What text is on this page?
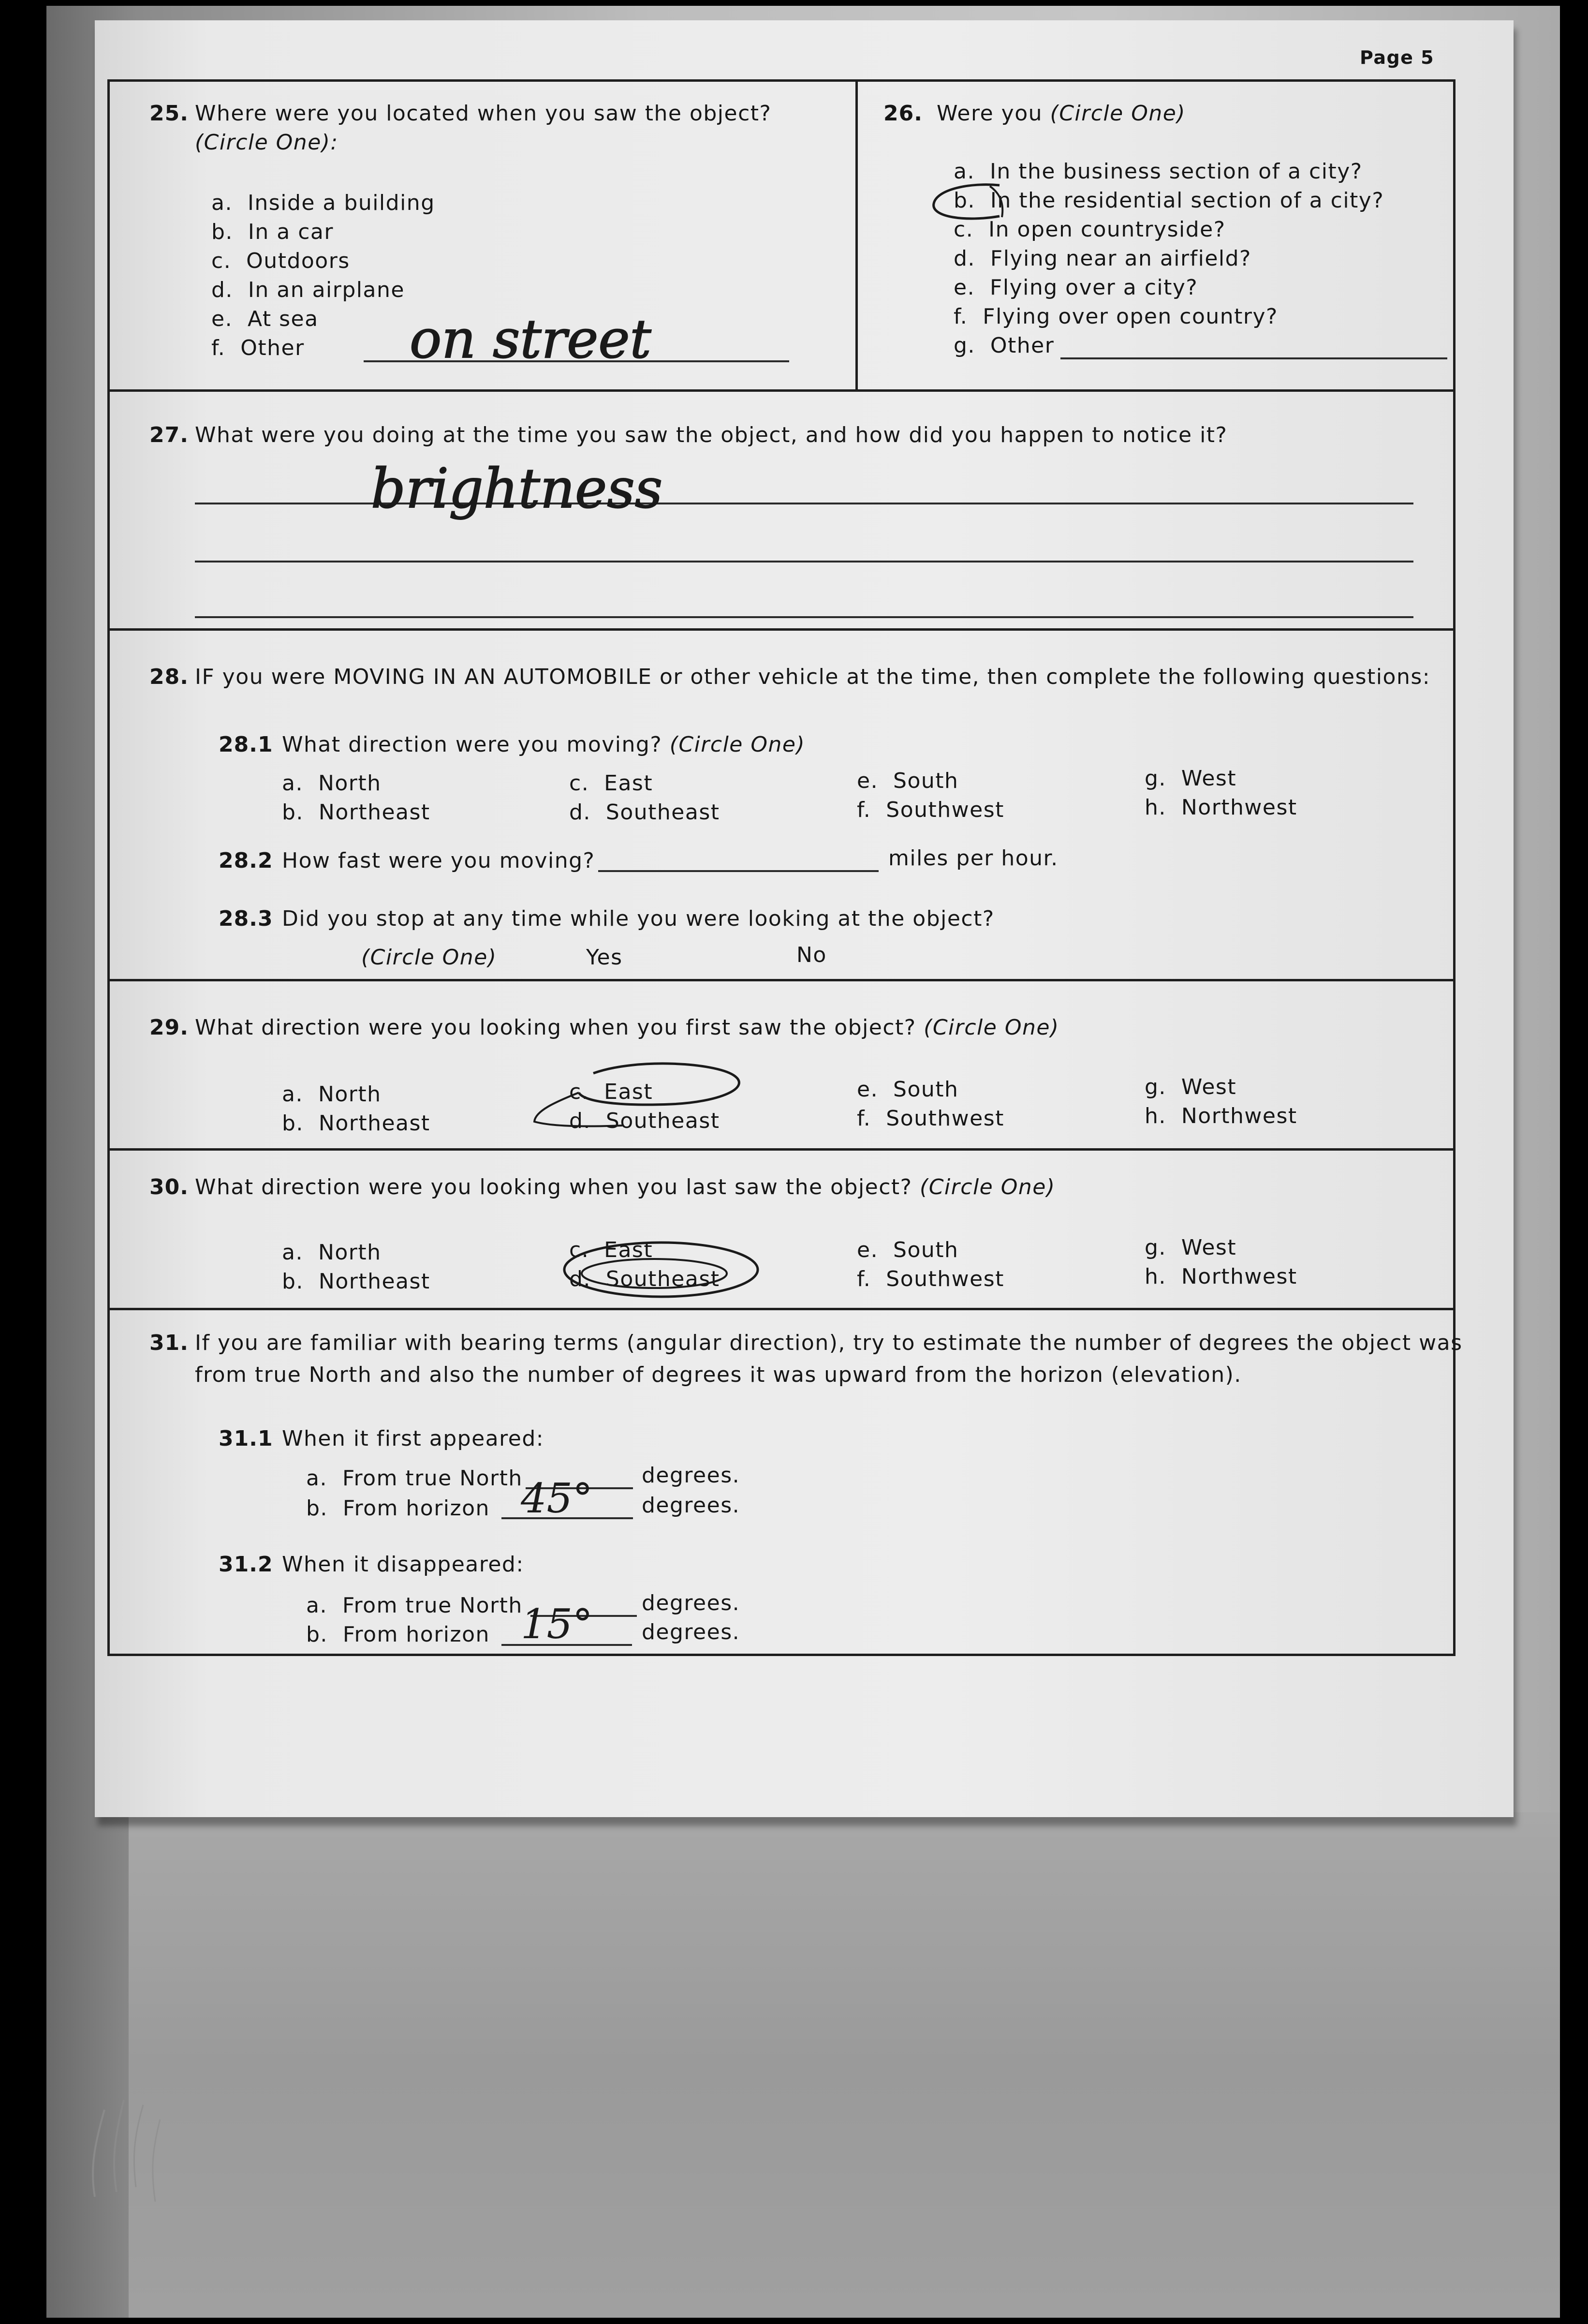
Page 5
25. Where were you located when you saw the object?
(Circle One):
a. Inside a building
b. In a car
c. Outdoors
d. In an airplane
e. At sea
f. Other on street
26. Were you (Circle One)
a. In the business section of a city?
b. In the residential section of a city?
c. In open countryside?
d. Flying near an airfield?
e. Flying over a city?
f. Flying over open country?
g. Other
27. What were you doing at the time you saw the object, and how did you happen to notice it?
brightness
28. IF you were MOVING IN AN AUTOMOBILE or other vehicle at the time, then complete the following questions:
28.1 What direction were you moving? (Circle One)
a. North
b. Northeast
c. East
d. Southeast
e. South
f. Southwest
g. West
h. Northwest
28.2 How fast were you moving?	miles per hour.
28.3 Did you stop at any time while you were looking at the object?
(Circle One)	Yes	No
29. What direction were you looking when you first saw the object? (Circle One)
a. North
b. Northeast
c. East
d. Southeast
e. South
f. Southwest
g. West
h. Northwest
30. What direction were you looking when you last saw the object? (Circle One)
a. North
b. Northeast
c. East
d. Southeast
e. South
f. Southwest
g. West
h. Northwest
31. If you are familiar with bearing terms (angular direction), try to estimate the number of degrees the object was
from true North and also the number of degrees it was upward from the horizon (elevation).
31.1 When it first appeared:
a. From true North	degrees.
b. From horizon 45° degrees.
31.2 When it disappeared:
a. From true North	degrees.
b. From horizon 15° degrees.
